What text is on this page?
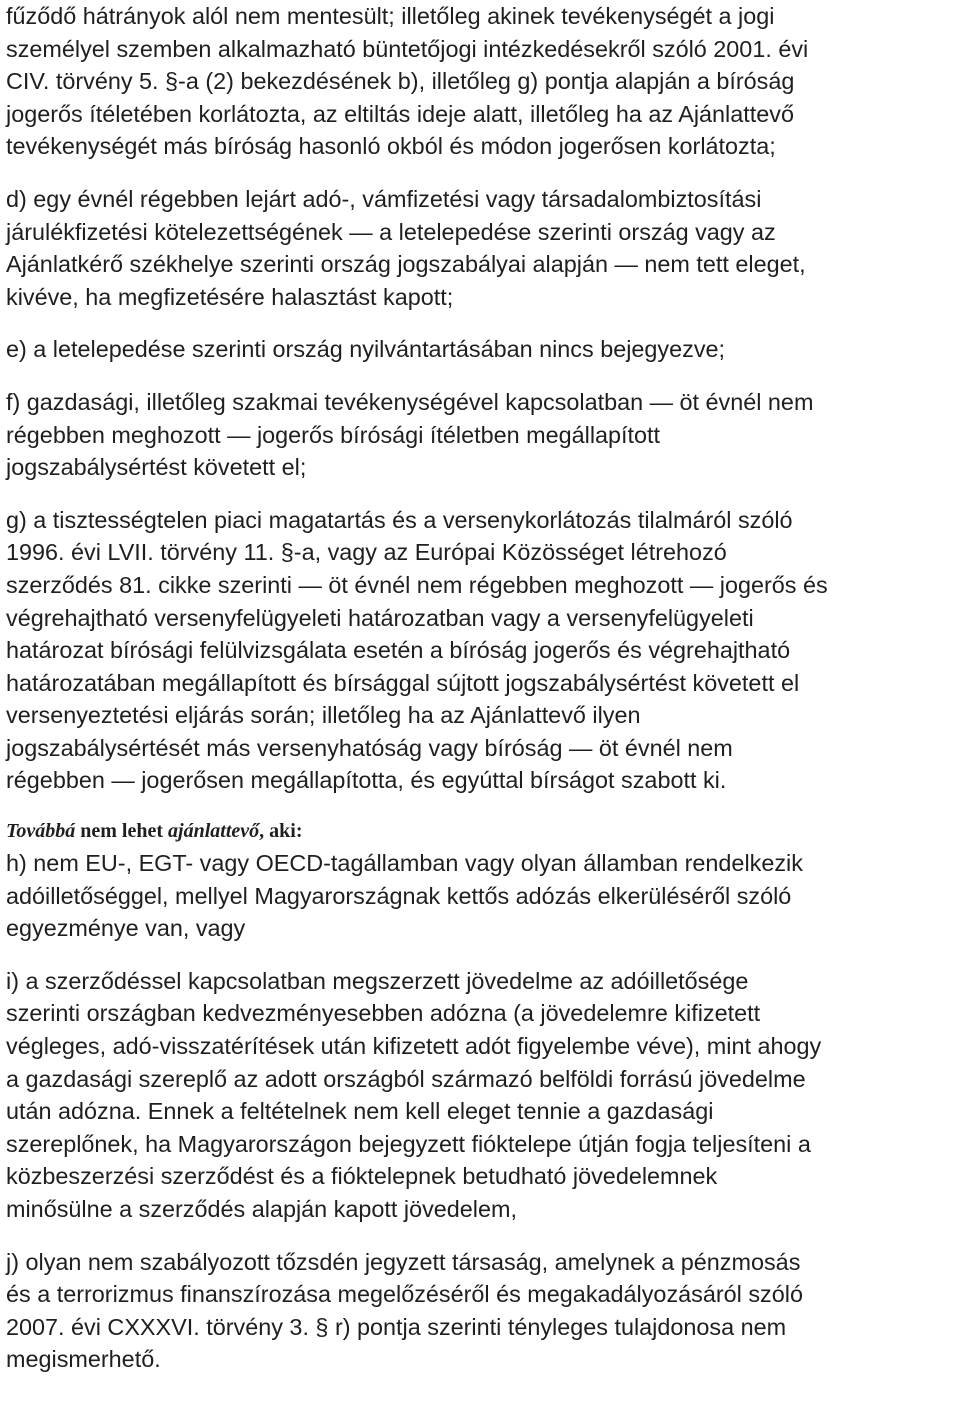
fűződő hátrányok alól nem mentesült; illetőleg akinek tevékenységét a jogi
személyel szemben alkalmazható büntetőjogi intézkedésekről szóló 2001. évi
CIV. törvény 5. §-a (2) bekezdésének b), illetőleg g) pontja alapján a bíróság
jogerős ítéletében korlátozta, az eltiltás ideje alatt, illetőleg ha az Ajánlattevő
tevékenységét más bíróság hasonló okból és módon jogerősen korlátozta;

d) egy évnél régebben lejárt adó-, vámfizetési vagy társadalombiztosítási
járulékfizetési kötelezettségének ― a letelepedése szerinti ország vagy az
Ajánlatkérő székhelye szerinti ország jogszabályai alapján ― nem tett eleget,
kivéve, ha megfizetésére halasztást kapott;

e) a letelepedése szerinti ország nyilvántartásában nincs bejegyezve;

f) gazdasági, illetőleg szakmai tevékenységével kapcsolatban ― öt évnél nem
régebben meghozott ― jogerős bírósági ítéletben megállapított
jogszabálysértést követett el;

g) a tisztességtelen piaci magatartás és a versenykorlátozás tilalmáról szóló
1996. évi LVII. törvény 11. §-a, vagy az Európai Közösséget létrehozó
szerződés 81. cikke szerinti ― öt évnél nem régebben meghozott ― jogerős és
végrehajtható versenyfelügyeleti határozatban vagy a versenyfelügyeleti
határozat bírósági felülvizsgálata esetén a bíróság jogerős és végrehajtható
határozatában megállapított és bírsággal sújtott jogszabálysértést követett el
versenyeztetési eljárás során; illetőleg ha az Ajánlattevő ilyen
jogszabálysértését más versenyhatóság vagy bíróság ― öt évnél nem
régebben ― jogerősen megállapította, és egyúttal bírságot szabott ki.

Továbbá nem lehet ajánlattevő, aki:

h) nem EU-, EGT- vagy OECD-tagállamban vagy olyan államban rendelkezik
adóilletőséggel, mellyel Magyarországnak kettős adózás elkerüléséről szóló
egyezménye van, vagy

i) a szerződéssel kapcsolatban megszerzett jövedelme az adóilletősége
szerinti országban kedvezményesebben adózna (a jövedelemre kifizetett
végleges, adó-visszatérítések után kifizetett adót figyelembe véve), mint ahogy
a gazdasági szereplő az adott országból származó belföldi forrású jövedelme
után adózna. Ennek a feltételnek nem kell eleget tennie a gazdasági
szereplőnek, ha Magyarországon bejegyzett fióktelepe útján fogja teljesíteni a
közbeszerzési szerződést és a fióktelepnek betudható jövedelemnek
minősülne a szerződés alapján kapott jövedelem,

j) olyan nem szabályozott tőzsdén jegyzett társaság, amelynek a pénzmosás
és a terrorizmus finanszírozása megelőzéséről és megakadályozásáról szóló
2007. évi CXXXVI. törvény 3. § r) pontja szerinti tényleges tulajdonosa nem
megismerhető.
